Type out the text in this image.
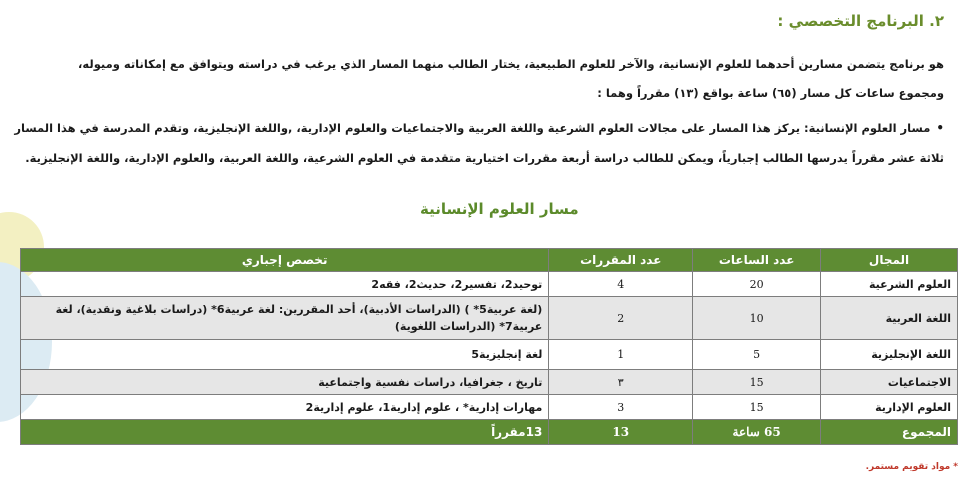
٢. البرنامج التخصصي :
هو برنامج يتضمن مسارين أحدهما للعلوم الإنسانية، والآخر للعلوم الطبيعية، يختار الطالب منهما المسار الذي يرغب في دراسته ويتوافق مع إمكاناته وميوله،
ومجموع ساعات كل مسار (٦٥) ساعة بواقع (١٣) مقرراً وهما :
• مسار العلوم الإنسانية: يركز هذا المسار على مجالات العلوم الشرعية واللغة العربية والاجتماعيات والعلوم الإدارية، ,واللغة الإنجليزية، وتقدم المدرسة في هذا المسار
ثلاثة عشر مقرراً يدرسها الطالب إجبارياً، ويمكن للطالب دراسة أربعة مقررات اختيارية متقدمة في العلوم الشرعية، واللغة العربية، والعلوم الإدارية، واللغة الإنجليزية.
مسار العلوم الإنسانية
المجال	عدد الساعات	عدد المقررات	تخصص إجباري
العلوم الشرعية	20	4	توحيد2، تفسير2، حديث2، فقه2
اللغة العربية	10	2	(لغة عربية5* ) (الدراسات الأدبية)، أحد المقررين: لغة عربية6* (دراسات بلاغية ونقدية)، لغة عربية7* (الدراسات اللغوية)
اللغة الإنجليزية	5	1	لغة إنجليزية5
الاجتماعيات	15	٣	تاريخ ، جغرافيا، دراسات نفسية واجتماعية
العلوم الإدارية	15	3	مهارات إدارية* ، علوم إدارية1، علوم إدارية2
المجموع	65 ساعة	13	13مقرراً
* مواد تقويم مستمر.
